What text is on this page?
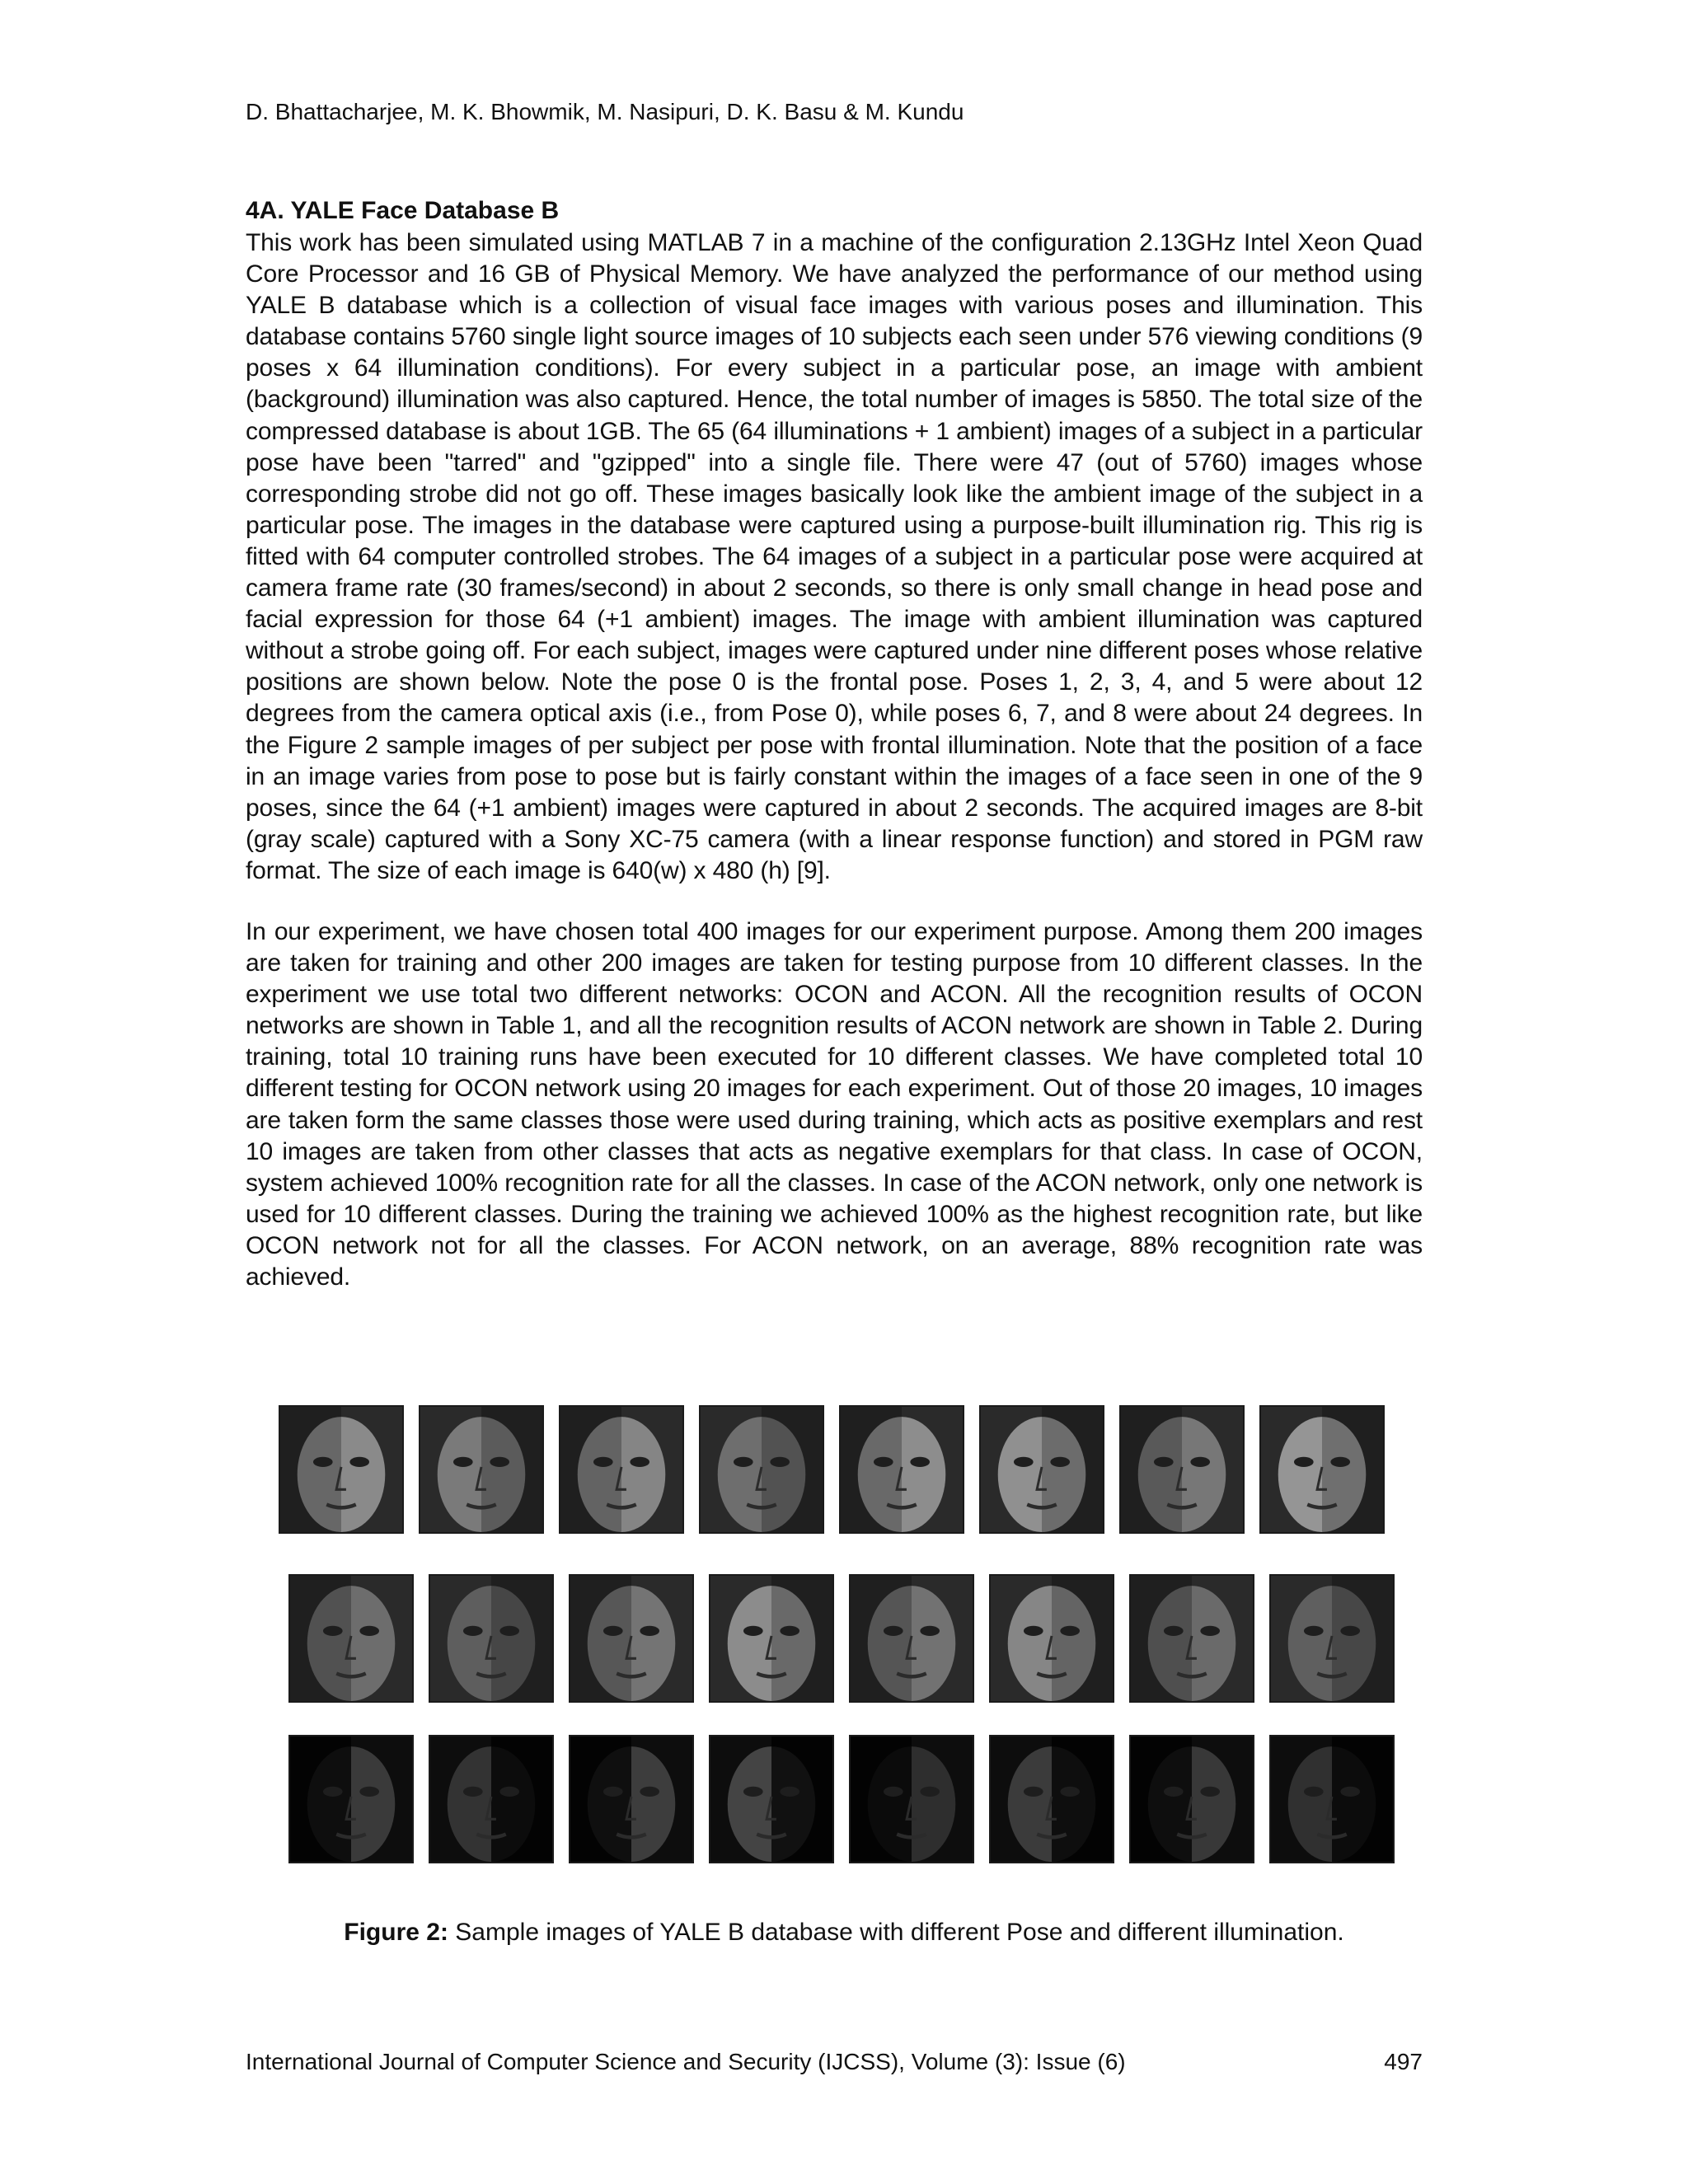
D. Bhattacharjee, M. K. Bhowmik, M. Nasipuri, D. K. Basu & M. Kundu
4A. YALE Face Database B

This work has been simulated using MATLAB 7 in a machine of the configuration 2.13GHz Intel Xeon Quad Core Processor and 16 GB of Physical Memory. We have analyzed the performance of our method using YALE B database which is a collection of visual face images with various poses and illumination. This database contains 5760 single light source images of 10 subjects each seen under 576 viewing conditions (9 poses x 64 illumination conditions). For every subject in a particular pose, an image with ambient (background) illumination was also captured. Hence, the total number of images is 5850. The total size of the compressed database is about 1GB. The 65 (64 illuminations + 1 ambient) images of a subject in a particular pose have been "tarred" and "gzipped" into a single file. There were 47 (out of 5760) images whose corresponding strobe did not go off. These images basically look like the ambient image of the subject in a particular pose. The images in the database were captured using a purpose-built illumination rig. This rig is fitted with 64 computer controlled strobes. The 64 images of a subject in a particular pose were acquired at camera frame rate (30 frames/second) in about 2 seconds, so there is only small change in head pose and facial expression for those 64 (+1 ambient) images. The image with ambient illumination was captured without a strobe going off. For each subject, images were captured under nine different poses whose relative positions are shown below. Note the pose 0 is the frontal pose. Poses 1, 2, 3, 4, and 5 were about 12 degrees from the camera optical axis (i.e., from Pose 0), while poses 6, 7, and 8 were about 24 degrees. In the Figure 2 sample images of per subject per pose with frontal illumination. Note that the position of a face in an image varies from pose to pose but is fairly constant within the images of a face seen in one of the 9 poses, since the 64 (+1 ambient) images were captured in about 2 seconds. The acquired images are 8-bit (gray scale) captured with a Sony XC-75 camera (with a linear response function) and stored in PGM raw format. The size of each image is 640(w) x 480 (h) [9].

In our experiment, we have chosen total 400 images for our experiment purpose. Among them 200 images are taken for training and other 200 images are taken for testing purpose from 10 different classes. In the experiment we use total two different networks: OCON and ACON. All the recognition results of OCON networks are shown in Table 1, and all the recognition results of ACON network are shown in Table 2. During training, total 10 training runs have been executed for 10 different classes. We have completed total 10 different testing for OCON network using 20 images for each experiment. Out of those 20 images, 10 images are taken form the same classes those were used during training, which acts as positive exemplars and rest 10 images are taken from other classes that acts as negative exemplars for that class. In case of OCON, system achieved 100% recognition rate for all the classes. In case of the ACON network, only one network is used for 10 different classes. During the training we achieved 100% as the highest recognition rate, but like OCON network not for all the classes. For ACON network, on an average, 88% recognition rate was achieved.

Figure 2: Sample images of YALE B database with different Pose and different illumination.
International Journal of Computer Science and Security (IJCSS), Volume (3): Issue (6)	497
